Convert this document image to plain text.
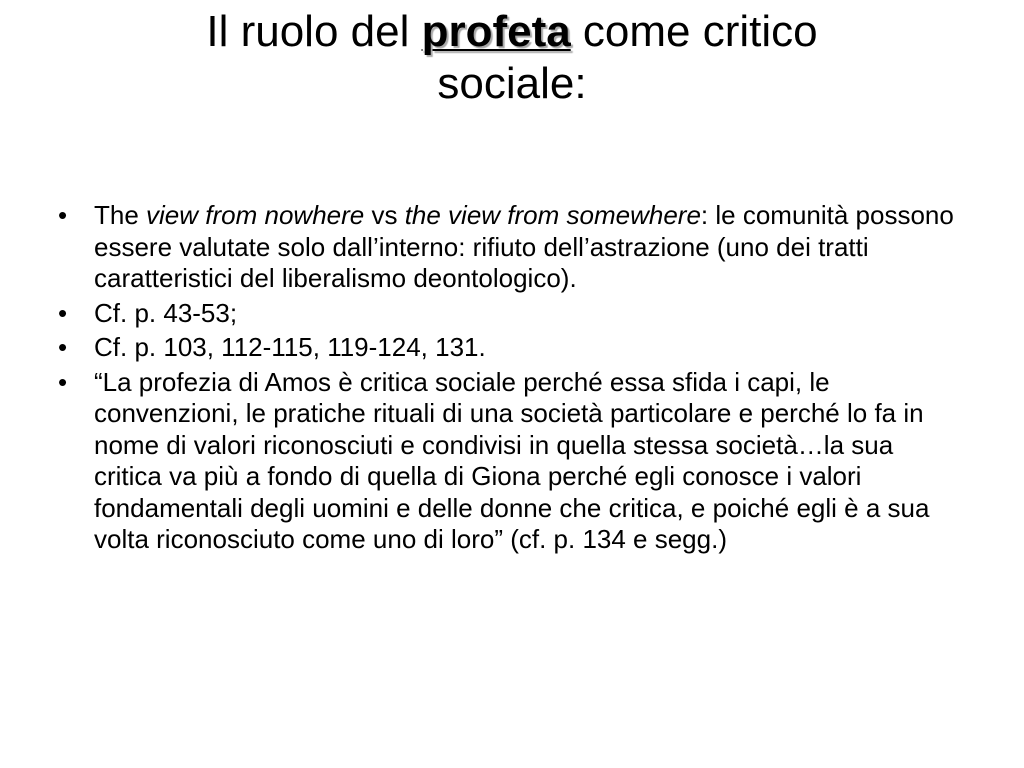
Il ruolo del profeta come critico
sociale:
• The view from nowhere vs the view from somewhere: le comunità possono essere valutate solo dall’interno: rifiuto dell’astrazione (uno dei tratti caratteristici del liberalismo deontologico).
• Cf. p. 43-53;
• Cf. p. 103, 112-115, 119-124, 131.
• “La profezia di Amos è critica sociale perché essa sfida i capi, le convenzioni, le pratiche rituali di una società particolare e perché lo fa in nome di valori riconosciuti e condivisi in quella stessa società…la sua critica va più a fondo di quella di Giona perché egli conosce i valori fondamentali degli uomini e delle donne che critica, e poiché egli è a sua volta riconosciuto come uno di loro” (cf. p. 134 e segg.)
